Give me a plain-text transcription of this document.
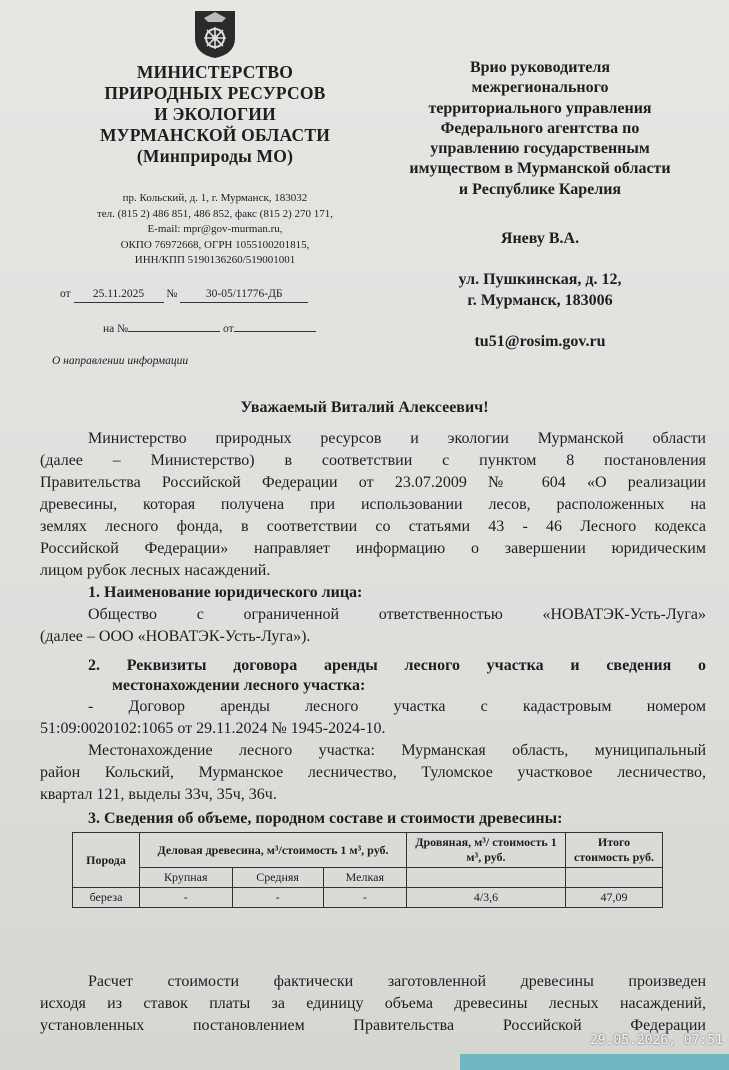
МИНИСТЕРСТВО
ПРИРОДНЫХ РЕСУРСОВ
И ЭКОЛОГИИ
МУРМАНСКОЙ ОБЛАСТИ
(Минприроды МО)
пр. Кольский, д. 1, г. Мурманск, 183032
тел. (815 2) 486 851, 486 852, факс (815 2) 270 171,
E-mail: mpr@gov-murman.ru,
ОКПО 76972668, ОГРН 1055100201815,
ИНН/КПП 5190136260/519001001
от 25.11.2025 № 30-05/11776-ДБ
на №	от
О направлении информации
Врио руководителя
межрегионального
территориального управления
Федерального агентства по
управлению государственным
имуществом в Мурманской области
и Республике Карелия
Яневу В.А.
ул. Пушкинская, д. 12,
г. Мурманск, 183006
tu51@rosim.gov.ru
Уважаемый Виталий Алексеевич!
Министерство природных ресурсов и экологии Мурманской области
(далее – Министерство) в соответствии с пунктом 8 постановления
Правительства Российской Федерации от 23.07.2009 № 604 «О реализации
древесины, которая получена при использовании лесов, расположенных на
землях лесного фонда, в соответствии со статьями 43 - 46 Лесного кодекса
Российской Федерации» направляет информацию о завершении юридическим
лицом рубок лесных насаждений.
1. Наименование юридического лица:
Общество с ограниченной ответственностью «НОВАТЭК-Усть-Луга»
(далее – ООО «НОВАТЭК-Усть-Луга»).
2. Реквизиты договора аренды лесного участка и сведения о
местонахождении лесного участка:
- Договор аренды лесного участка с кадастровым номером
51:09:0020102:1065 от 29.11.2024 № 1945-2024-10.
Местонахождение лесного участка: Мурманская область, муниципальный
район Кольский, Мурманское лесничество, Туломское участковое лесничество,
квартал 121, выделы 33ч, 35ч, 36ч.
3. Сведения об объеме, породном составе и стоимости древесины:
Порода	Деловая древесина, м³/стоимость 1 м³, руб.			Дровяная, м³/ стоимость 1 м³, руб.	Итого стоимость руб.
	Крупная	Средняя	Мелкая		
береза	-	-	-	4/3,6	47,09
Расчет стоимости фактически заготовленной древесины произведен
исходя из ставок платы за единицу объема древесины лесных насаждений,
установленных постановлением Правительства Российской Федерации
29.05.2026, 07:51
